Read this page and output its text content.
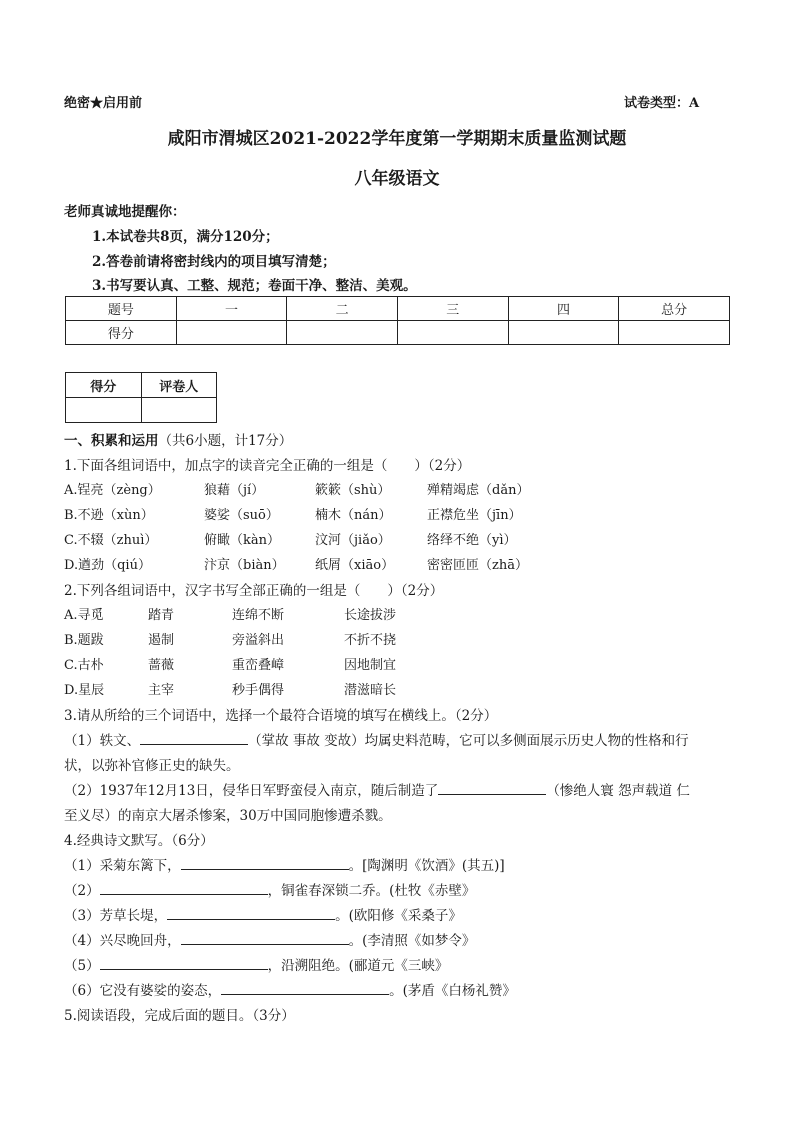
绝密★启用前	试卷类型：A
咸阳市渭城区2021-2022学年度第一学期期末质量监测试题
八年级语文
老师真诚地提醒你：
1.本试卷共8页，满分120分；
2.答卷前请将密封线内的项目填写清楚；
3.书写要认真、工整、规范；卷面干净、整洁、美观。
题号	一	二	三	四	总分
得分					
得分	评卷人

一、积累和运用（共6小题，计17分）
1.下面各组词语中，加点字的读音完全正确的一组是（　　）（2分）
A.锃亮（zèng）	狼藉（jí）	簌簌（shù）	殚精竭虑（dǎn）
B.不逊（xùn）	婆娑（suō）	楠木（nán）	正襟危坐（jīn）
C.不辍（zhuì）	俯瞰（kàn）	汶河（jiǎo）	络绎不绝（yì）
D.遒劲（qiú）	汴京（biàn） 纸屑（xiāo）	密密匝匝（zhā）
2.下列各组词语中，汉字书写全部正确的一组是（　　）（2分）
A.寻觅	踏青	连绵不断	长途拔涉
B.题跋	遏制	旁溢斜出	不折不挠
C.古朴	蔷薇	重峦叠嶂	因地制宜
D.星辰	主宰	秒手偶得	潜滋暗长
3.请从所给的三个词语中，选择一个最符合语境的填写在横线上。（2分）
（1）轶文、	（掌故 事故 变故）均属史料范畴，它可以多侧面展示历史人物的性格和行
状，以弥补官修正史的缺失。
（2）1937年12月13日，侵华日军野蛮侵入南京，随后制造了	（惨绝人寰 怨声载道 仁
至义尽）的南京大屠杀惨案，30万中国同胞惨遭杀戮。
4.经典诗文默写。（6分）
（1）采菊东篱下，	。[陶渊明《饮酒》(其五)]
（2）	，铜雀春深锁二乔。(杜牧《赤壁》
（3）芳草长堤，	。(欧阳修《采桑子》
（4）兴尽晚回舟，	。(李清照《如梦令》
（5）	，沿溯阻绝。(郦道元《三峡》
（6）它没有婆娑的姿态，	。(茅盾《白杨礼赞》
5.阅读语段，完成后面的题目。（3分）
